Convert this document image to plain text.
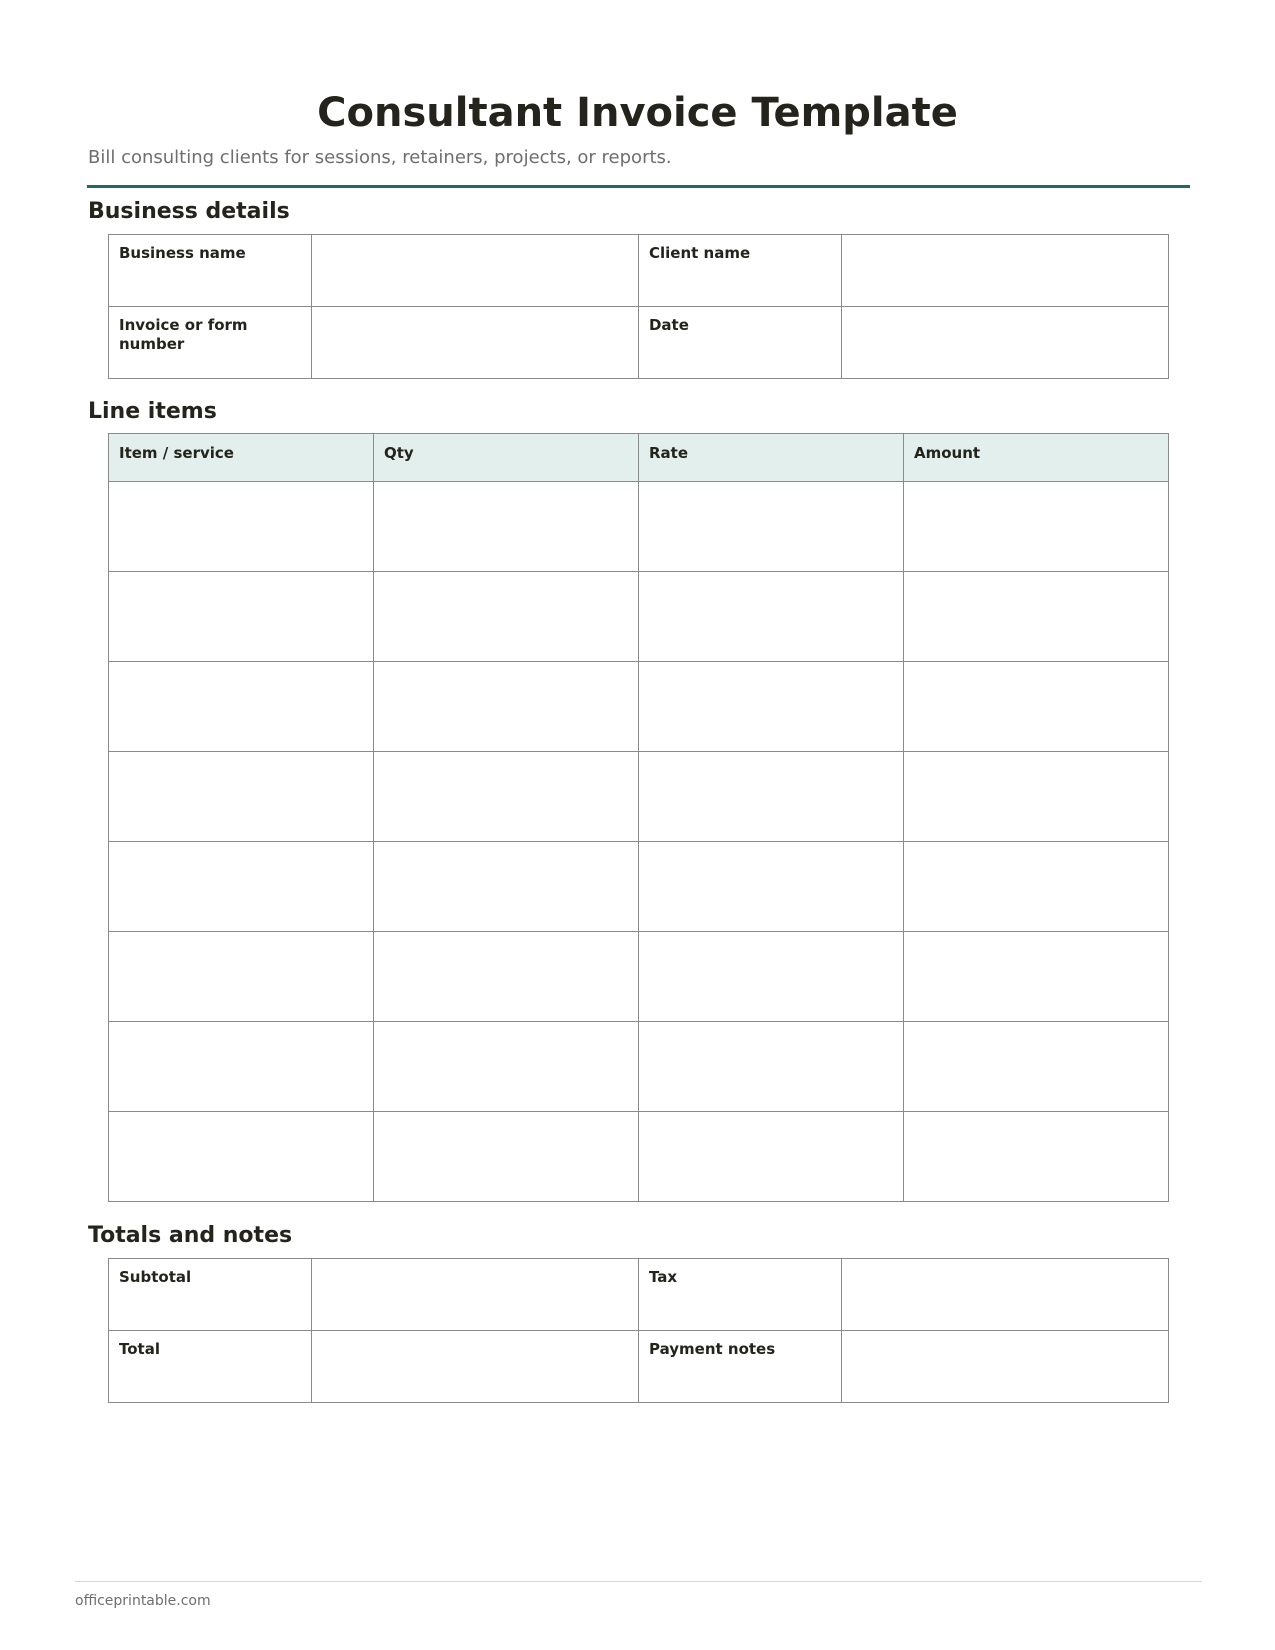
Consultant Invoice Template

Bill consulting clients for sessions, retainers, projects, or reports.

Business details
Business name		Client name	
Invoice or form number		Date	
Line items
Item / service	Qty	Rate	Amount

Totals and notes
Subtotal		Tax	
Total		Payment notes	

officeprintable.com
